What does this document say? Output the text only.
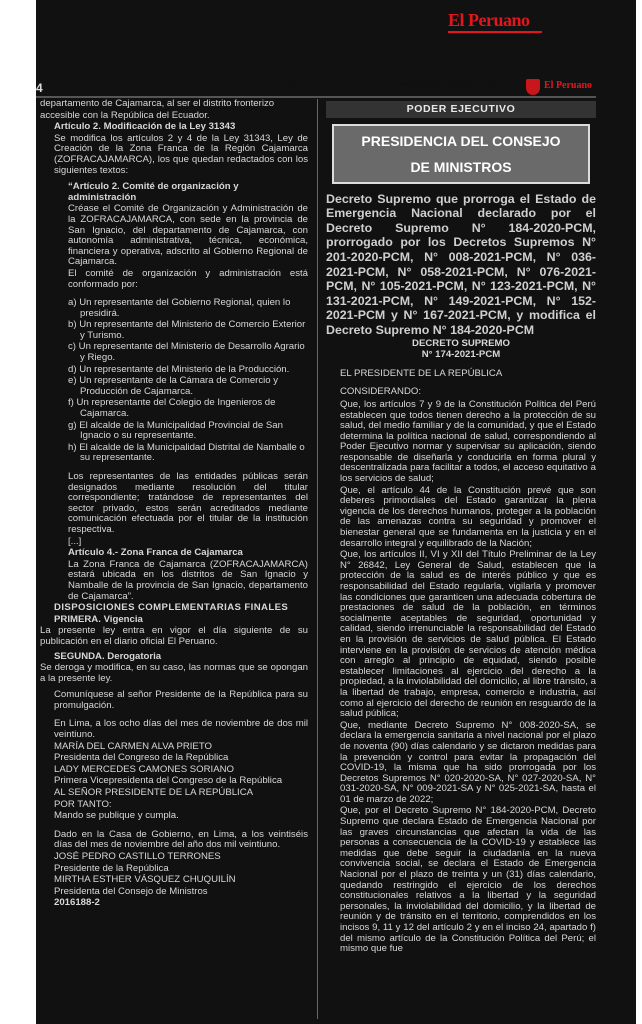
El Peruano
4	NORMAS LEGALES Domingo 28 de noviembre de 2021 /	El Peruano

departamento de Cajamarca, al ser el distrito fronterizo

accesible con la República del Ecuador.

Artículo 2. Modificación de la Ley 31343

Se modifica los artículos 2 y 4 de la Ley 31343, Ley de Creación de la Zona Franca de la Región Cajamarca (ZOFRACAJAMARCA), los que quedan redactados con los siguientes textos:

“Artículo 2. Comité de organización y administración

Créase el Comité de Organización y Administración de la ZOFRACAJAMARCA, con sede en la provincia de San Ignacio, del departamento de Cajamarca, con autonomía administrativa, técnica, económica, financiera y operativa, adscrito al Gobierno Regional de Cajamarca.

El comité de organización y administración está conformado por:

a) Un representante del Gobierno Regional, quien lo presidirá.

b) Un representante del Ministerio de Comercio Exterior y Turismo.

c) Un representante del Ministerio de Desarrollo Agrario y Riego.

d) Un representante del Ministerio de la Producción.

e) Un representante de la Cámara de Comercio y Producción de Cajamarca.

f) Un representante del Colegio de Ingenieros de Cajamarca.

g) El alcalde de la Municipalidad Provincial de San Ignacio o su representante.

h) El alcalde de la Municipalidad Distrital de Namballe o su representante.

Los representantes de las entidades públicas serán designados mediante resolución del titular correspondiente; tratándose de representantes del sector privado, estos serán acreditados mediante comunicación efectuada por el titular de la institución respectiva.

[...]

Artículo 4.- Zona Franca de Cajamarca

La Zona Franca de Cajamarca (ZOFRACAJAMARCA) estará ubicada en los distritos de San Ignacio y Namballe de la provincia de San Ignacio, departamento de Cajamarca”.

DISPOSICIONES COMPLEMENTARIAS FINALES

PRIMERA. Vigencia

La presente ley entra en vigor el día siguiente de su publicación en el diario oficial El Peruano.

SEGUNDA. Derogatoria

Se deroga y modifica, en su caso, las normas que se opongan a la presente ley.

Comuníquese al señor Presidente de la República para su promulgación.

En Lima, a los ocho días del mes de noviembre de dos mil veintiuno.

MARÍA DEL CARMEN ALVA PRIETO

Presidenta del Congreso de la República

LADY MERCEDES CAMONES SORIANO

Primera Vicepresidenta del Congreso de la República

AL SEÑOR PRESIDENTE DE LA REPÚBLICA

POR TANTO:

Mando se publique y cumpla.

Dado en la Casa de Gobierno, en Lima, a los veintiséis días del mes de noviembre del año dos mil veintiuno.

JOSÉ PEDRO CASTILLO TERRONES

Presidente de la República

MIRTHA ESTHER VÁSQUEZ CHUQUILÍN

Presidenta del Consejo de Ministros

2016188-2

PODER EJECUTIVO
PRESIDENCIA DEL CONSEJO
DE MINISTROS

Decreto Supremo que prorroga el Estado de Emergencia Nacional declarado por el Decreto Supremo N° 184-2020-PCM, prorrogado por los Decretos Supremos N° 201-2020-PCM, N° 008-2021-PCM, N° 036-2021-PCM, N° 058-2021-PCM, N° 076-2021-PCM, N° 105-2021-PCM, N° 123-2021-PCM, N° 131-2021-PCM, N° 149-2021-PCM, N° 152-2021-PCM y N° 167-2021-PCM, y modifica el Decreto Supremo N° 184-2020-PCM

DECRETO SUPREMO

N° 174-2021-PCM

EL PRESIDENTE DE LA REPÚBLICA

CONSIDERANDO:

Que, los artículos 7 y 9 de la Constitución Política del Perú establecen que todos tienen derecho a la protección de su salud, del medio familiar y de la comunidad, y que el Estado determina la política nacional de salud, correspondiendo al Poder Ejecutivo normar y supervisar su aplicación, siendo responsable de diseñarla y conducirla en forma plural y descentralizada para facilitar a todos, el acceso equitativo a los servicios de salud;

Que, el artículo 44 de la Constitución prevé que son deberes primordiales del Estado garantizar la plena vigencia de los derechos humanos, proteger a la población de las amenazas contra su seguridad y promover el bienestar general que se fundamenta en la justicia y en el desarrollo integral y equilibrado de la Nación;

Que, los artículos II, VI y XII del Título Preliminar de la Ley N° 26842, Ley General de Salud, establecen que la protección de la salud es de interés público y que es responsabilidad del Estado regularla, vigilarla y promover las condiciones que garanticen una adecuada cobertura de prestaciones de salud de la población, en términos socialmente aceptables de seguridad, oportunidad y calidad, siendo irrenunciable la responsabilidad del Estado en la provisión de servicios de salud pública. El Estado interviene en la provisión de servicios de atención médica con arreglo al principio de equidad, siendo posible establecer limitaciones al ejercicio del derecho a la propiedad, a la inviolabilidad del domicilio, al libre tránsito, a la libertad de trabajo, empresa, comercio e industria, así como al ejercicio del derecho de reunión en resguardo de la salud pública;

Que, mediante Decreto Supremo N° 008-2020-SA, se declara la emergencia sanitaria a nivel nacional por el plazo de noventa (90) días calendario y se dictaron medidas para la prevención y control para evitar la propagación del COVID-19, la misma que ha sido prorrogada por los Decretos Supremos N° 020-2020-SA, N° 027-2020-SA, N° 031-2020-SA, N° 009-2021-SA y N° 025-2021-SA, hasta el 01 de marzo de 2022;

Que, por el Decreto Supremo N° 184-2020-PCM, Decreto Supremo que declara Estado de Emergencia Nacional por las graves circunstancias que afectan la vida de las personas a consecuencia de la COVID-19 y establece las medidas que debe seguir la ciudadanía en la nueva convivencia social, se declara el Estado de Emergencia Nacional por el plazo de treinta y un (31) días calendario, quedando restringido el ejercicio de los derechos constitucionales relativos a la libertad y la seguridad personales, la inviolabilidad del domicilio, y la libertad de reunión y de tránsito en el territorio, comprendidos en los incisos 9, 11 y 12 del artículo 2 y en el inciso 24, apartado f) del mismo artículo de la Constitución Política del Perú; el mismo que fue
